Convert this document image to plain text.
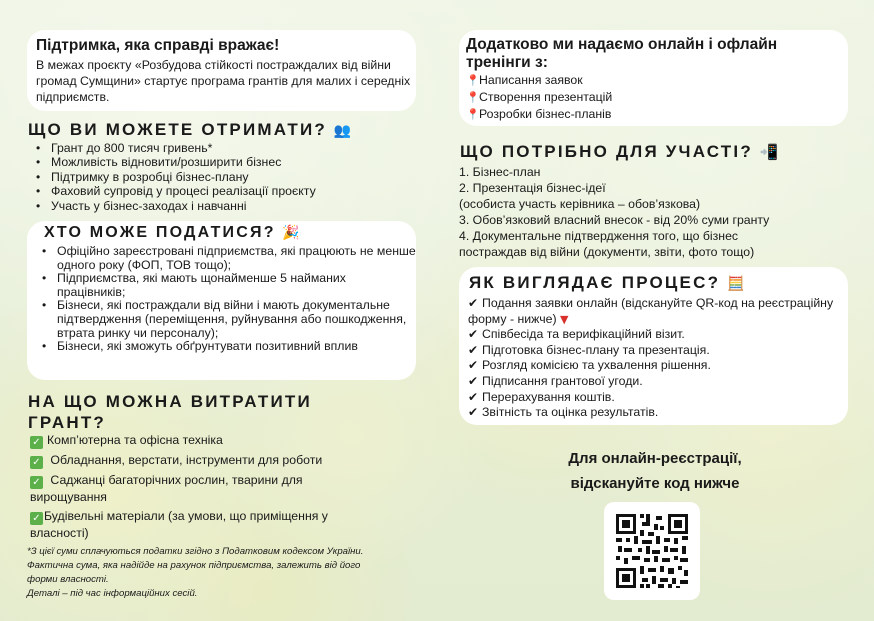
Підтримка, яка справді вражає!
В межах проєкту «Розбудова стійкості постраждалих від війни громад Сумщини» стартує програма грантів для малих і середніх підприємств.
ЩО ВИ МОЖЕТЕ ОТРИМАТИ? 👥
• Грант до 800 тисяч гривень*
• Можливість відновити/розширити бізнес
• Підтримку в розробці бізнес-плану
• Фаховий супровід у процесі реалізації проєкту
• Участь у бізнес-заходах і навчанні
ХТО МОЖЕ ПОДАТИСЯ? 🎉
• Офіційно зареєстровані підприємства, які працюють не менше одного року (ФОП, ТОВ тощо);
• Підприємства, які мають щонайменше 5 найманих працівників;
• Бізнеси, які постраждали від війни і мають документальне підтвердження (переміщення, руйнування або пошкодження, втрата ринку чи персоналу);
• Бізнеси, які зможуть обґрунтувати позитивний вплив
НА ЩО МОЖНА ВИТРАТИТИ
ГРАНТ?
✓ Комп’ютерна та офісна техніка
✓ Обладнання, верстати, інструменти для роботи
✓ Саджанці багаторічних рослин, тварини для вирощування
✓ Будівельні матеріали (за умови, що приміщення у власності)
*З цієї суми сплачуються податки згідно з Податковим кодексом України. Фактична сума, яка надійде на рахунок підприємства, залежить від його форми власності.
Деталі – під час інформаційних сесій.
Додатково ми надаємо онлайн і офлайн тренінги з:
📍Написання заявок
📍Створення презентацій
📍Розробки бізнес-планів
ЩО ПОТРІБНО ДЛЯ УЧАСТІ? 📲
1. Бізнес-план
2. Презентація бізнес-ідеї
(особиста участь керівника – обов’язкова)
3. Обов’язковий власний внесок - від 20% суми гранту
4. Документальне підтвердження того, що бізнес
постраждав від війни (документи, звіти, фото тощо)
ЯК ВИГЛЯДАЄ ПРОЦЕС? 🧮
✔ Подання заявки онлайн (відскануйте QR-код на реєстраційну форму - нижче) ▼
✔ Співбесіда та верифікаційний візит.
✔ Підготовка бізнес-плану та презентація.
✔ Розгляд комісією та ухвалення рішення.
✔ Підписання грантової угоди.
✔ Перерахування коштів.
✔ Звітність та оцінка результатів.
Для онлайн-реєстрації,
відскануйте код нижче
